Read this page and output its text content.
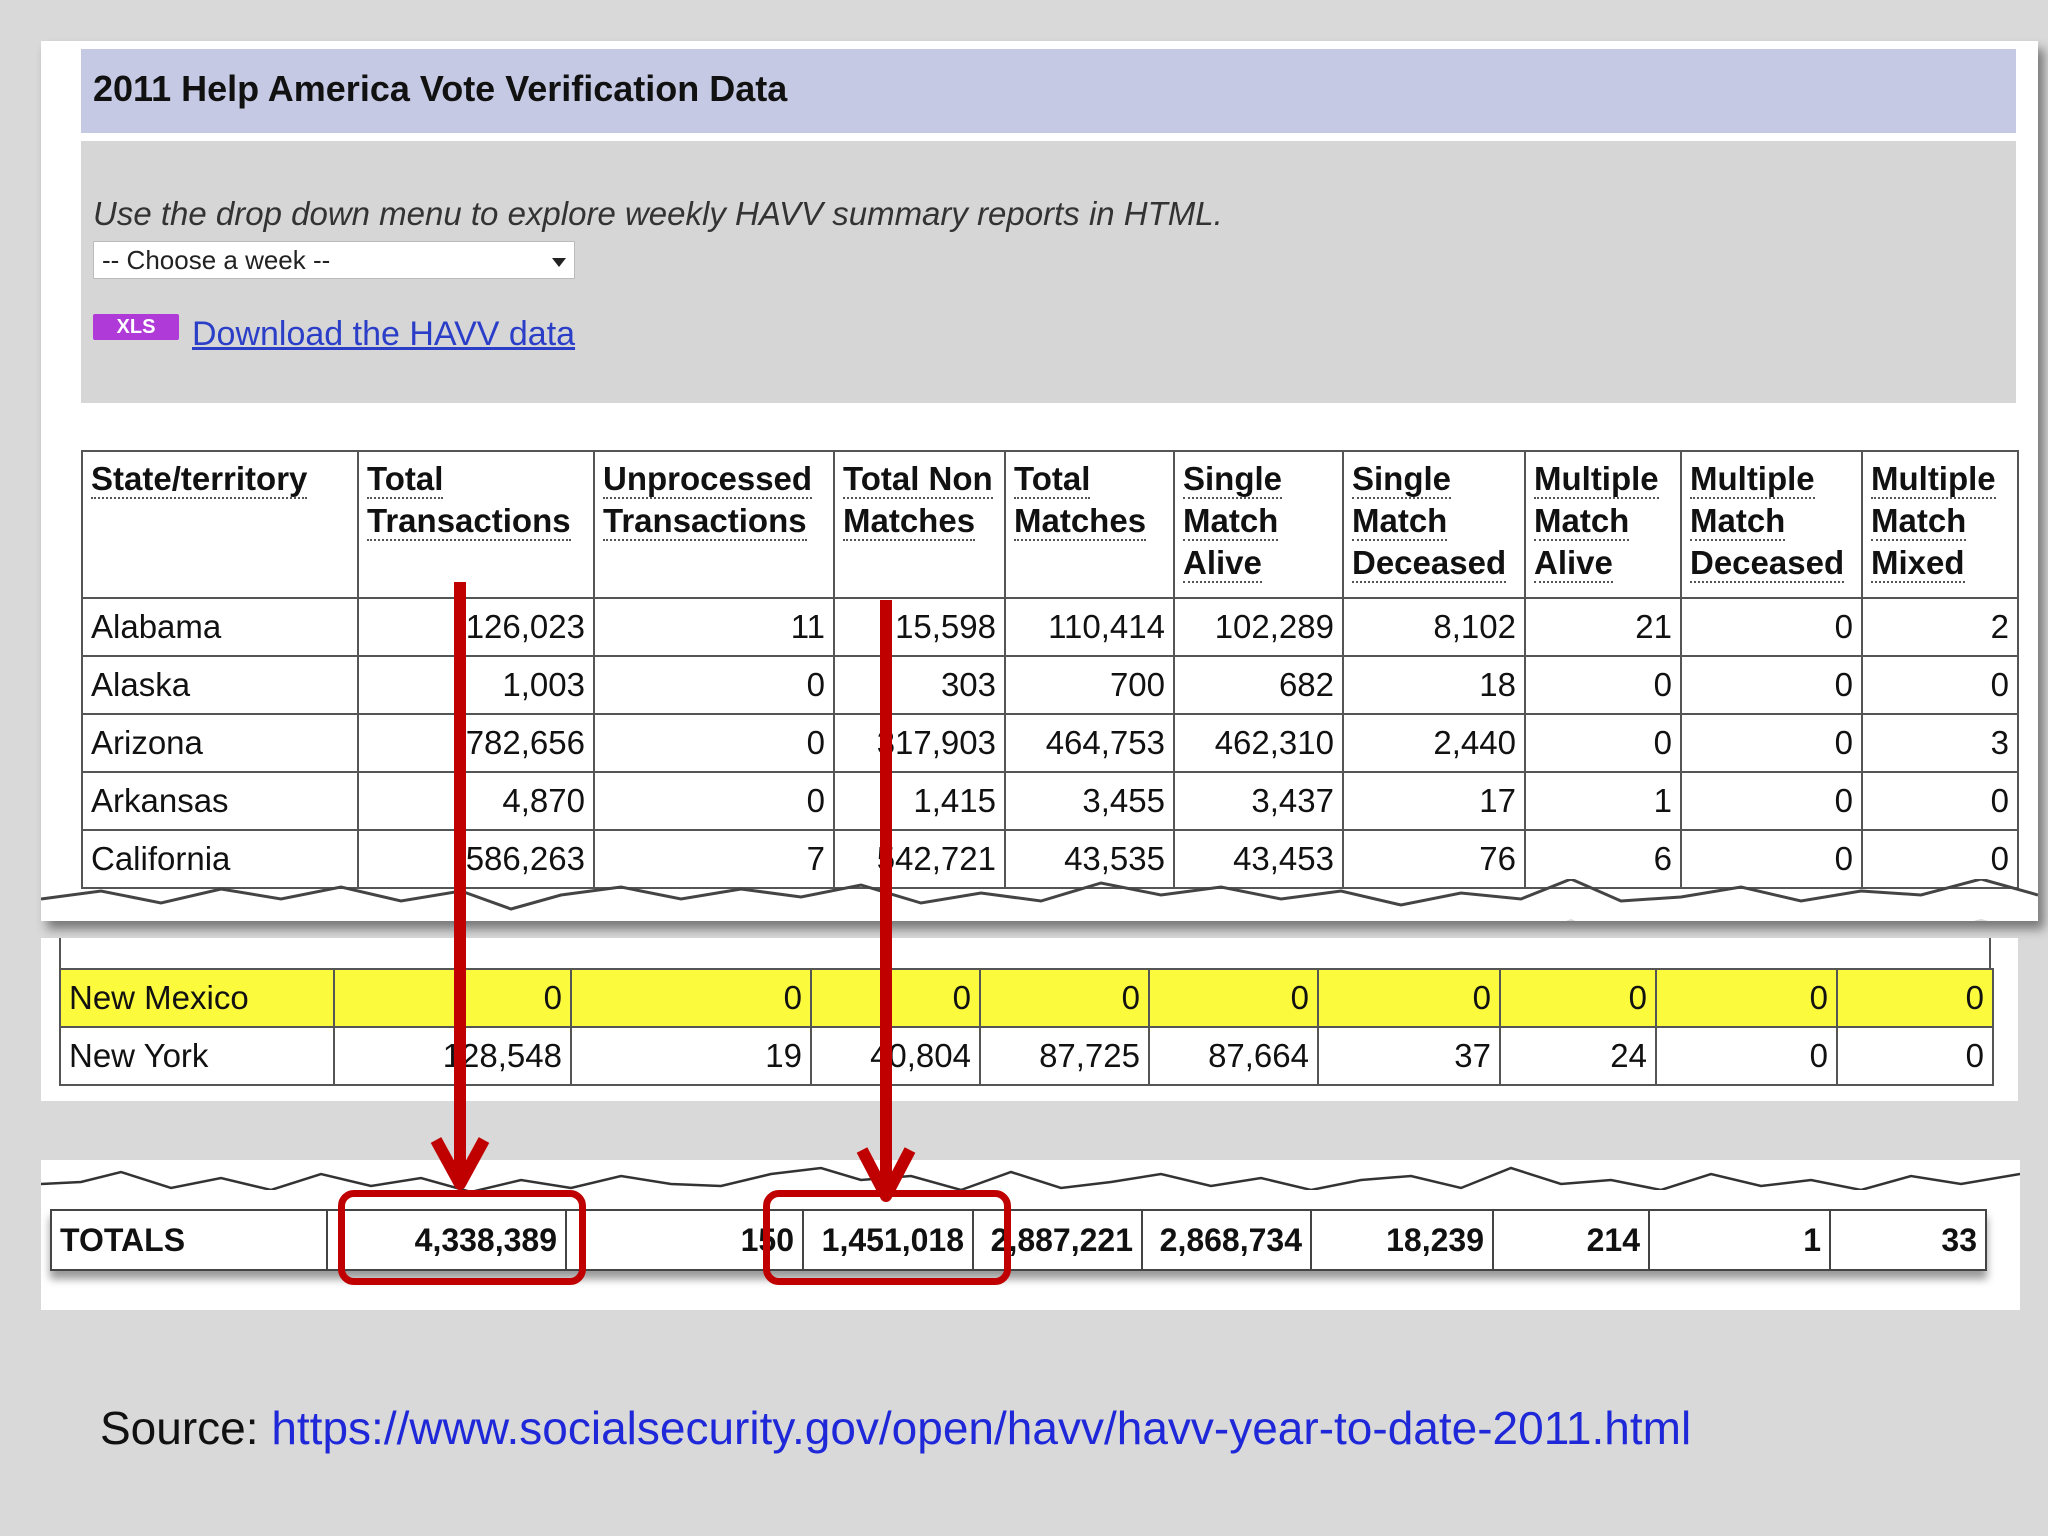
2011 Help America Vote Verification Data
Use the drop down menu to explore weekly HAVV summary reports in HTML.
-- Choose a week --
XLS	Download the HAVV data
State/territory	Total Transactions	Unprocessed Transactions	Total Non Matches	Total Matches	Single Match Alive	Single Match Deceased	Multiple Match Alive	Multiple Match Deceased	Multiple Match Mixed
Alabama	126,023	11	15,598	110,414	102,289	8,102	21	0	2
Alaska	1,003	0	303	700	682	18	0	0	0
Arizona	782,656	0	317,903	464,753	462,310	2,440	0	0	3
Arkansas	4,870	0	1,415	3,455	3,437	17	1	0	0
California	586,263	7	542,721	43,535	43,453	76	6	0	0
New Mexico	0	0	0	0	0	0	0	0	0
New York	128,548	19	40,804	87,725	87,664	37	24	0	0
TOTALS	4,338,389	150	1,451,018	2,887,221	2,868,734	18,239	214	1	33
Source: https://www.socialsecurity.gov/open/havv/havv-year-to-date-2011.html
